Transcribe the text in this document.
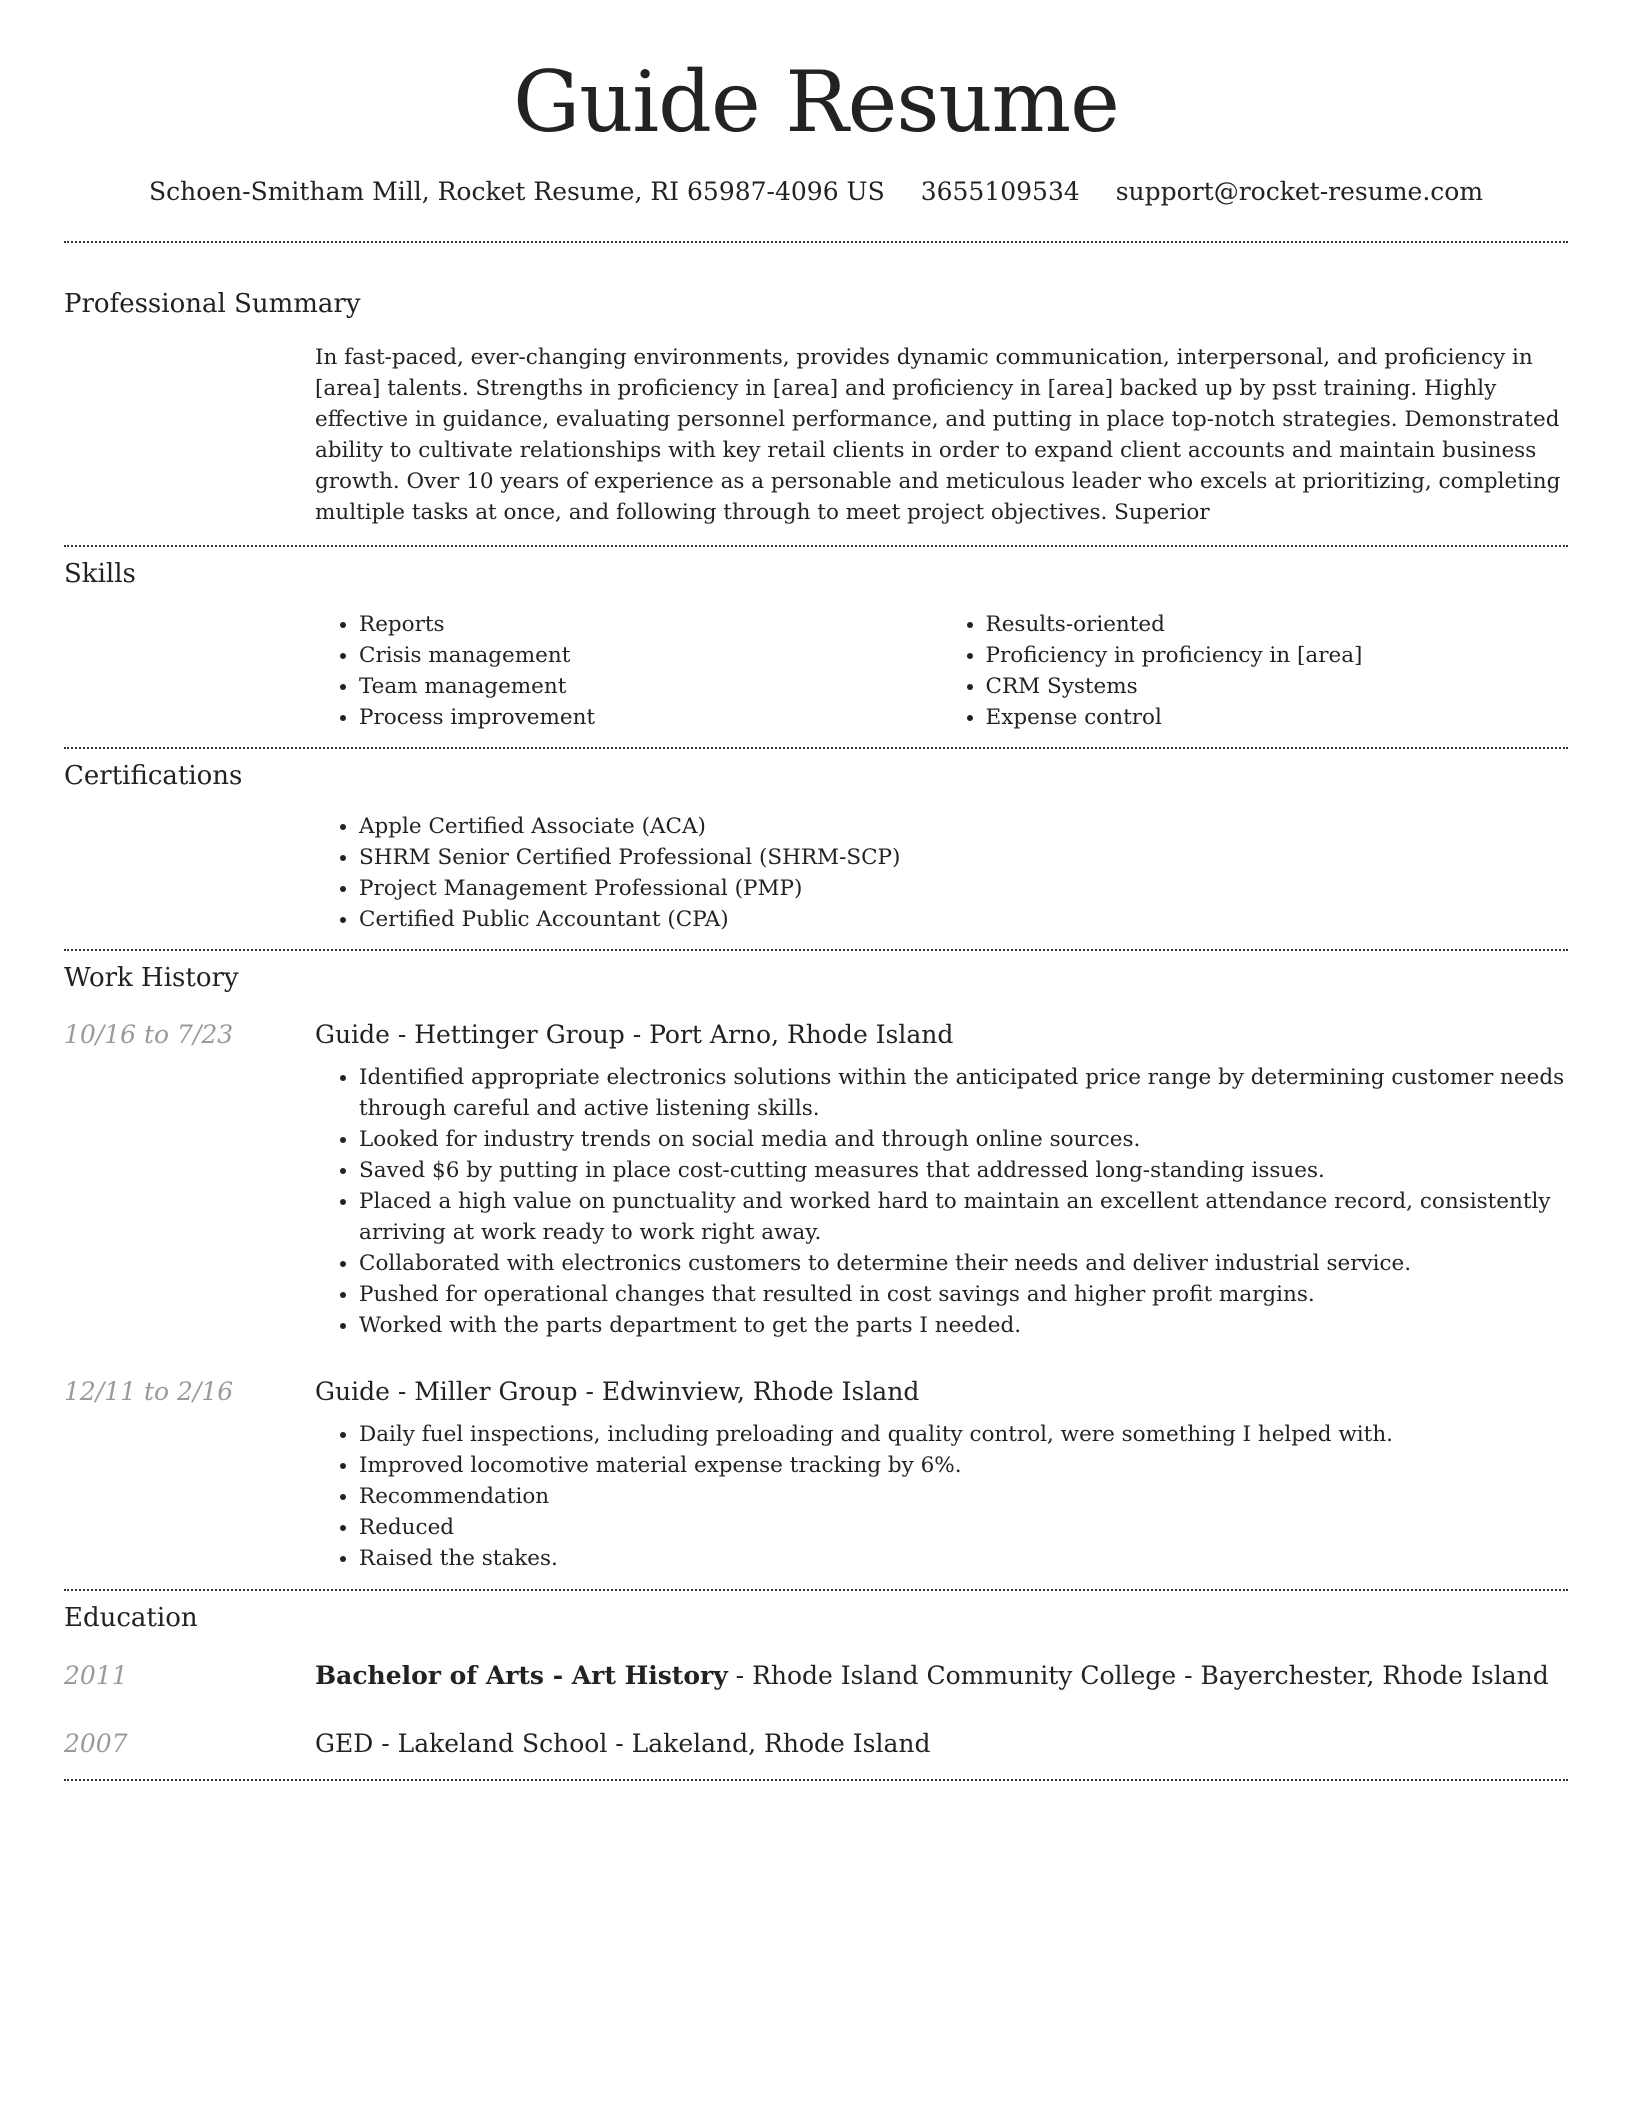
Guide Resume
Schoen-Smitham Mill, Rocket Resume, RI 65987-4096 US 3655109534 support@rocket-resume.com
Professional Summary

In fast-paced, ever-changing environments, provides dynamic communication, interpersonal, and proficiency in [area] talents. Strengths in proficiency in [area] and proficiency in [area] backed up by psst training. Highly effective in guidance, evaluating personnel performance, and putting in place top-notch strategies. Demonstrated ability to cultivate relationships with key retail clients in order to expand client accounts and maintain business growth. Over 10 years of experience as a personable and meticulous leader who excels at prioritizing, completing multiple tasks at once, and following through to meet project objectives. Superior

Skills
• Reports
• Crisis management
• Team management
• Process improvement
• Results-oriented
• Proficiency in proficiency in [area]
• CRM Systems
• Expense control
Certifications
• Apple Certified Associate (ACA)
• SHRM Senior Certified Professional (SHRM-SCP)
• Project Management Professional (PMP)
• Certified Public Accountant (CPA)
Work History
10/16 to 7/23	Guide - Hettinger Group - Port Arno, Rhode Island

• Identified appropriate electronics solutions within the anticipated price range by determining customer needs through careful and active listening skills.
• Looked for industry trends on social media and through online sources.
• Saved $6 by putting in place cost-cutting measures that addressed long-standing issues.
• Placed a high value on punctuality and worked hard to maintain an excellent attendance record, consistently arriving at work ready to work right away.
• Collaborated with electronics customers to determine their needs and deliver industrial service.
• Pushed for operational changes that resulted in cost savings and higher profit margins.
• Worked with the parts department to get the parts I needed.
12/11 to 2/16	Guide - Miller Group - Edwinview, Rhode Island

• Daily fuel inspections, including preloading and quality control, were something I helped with.
• Improved locomotive material expense tracking by 6%.
• Recommendation
• Reduced
• Raised the stakes.
Education
2011	Bachelor of Arts - Art History - Rhode Island Community College - Bayerchester, Rhode Island

2007	GED - Lakeland School - Lakeland, Rhode Island
